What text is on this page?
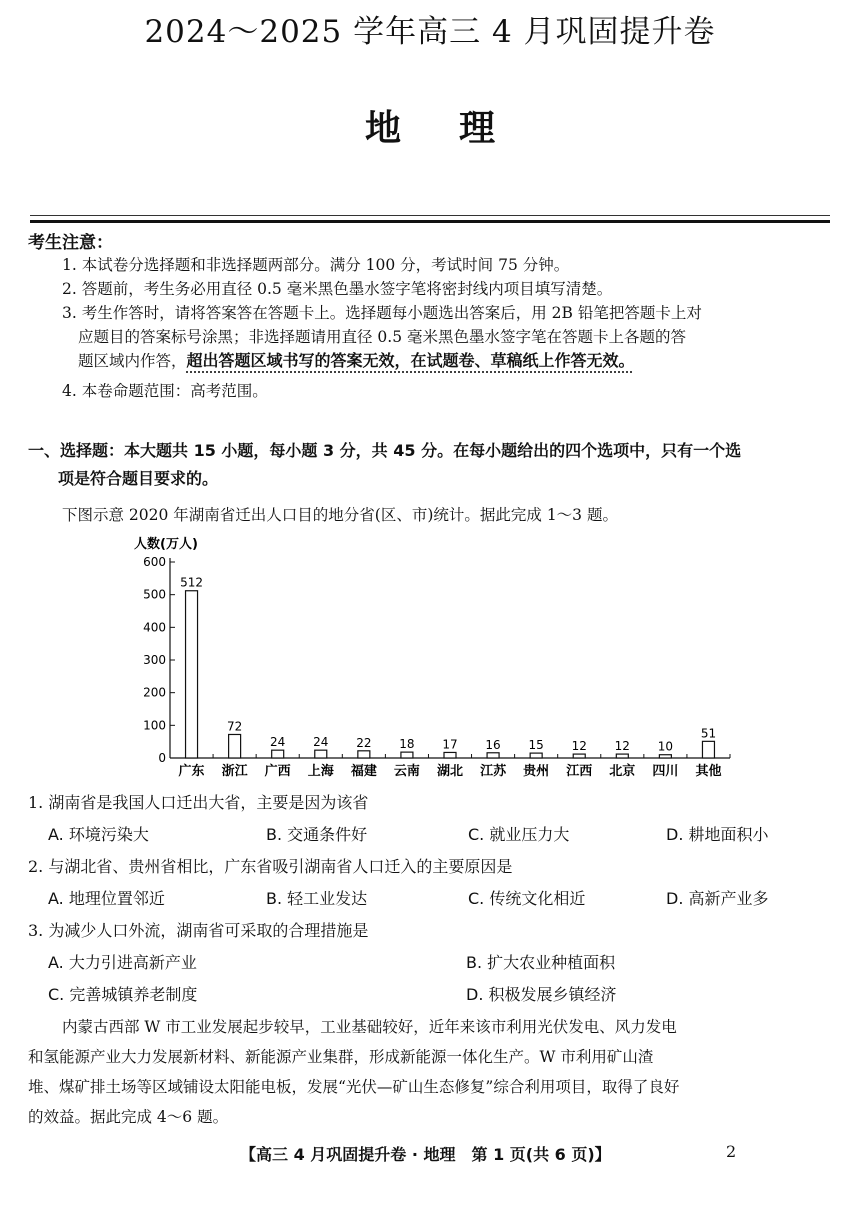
2024～2025 学年高三 4 月巩固提升卷
地理
考生注意：
1. 本试卷分选择题和非选择题两部分。满分 100 分，考试时间 75 分钟。
2. 答题前，考生务必用直径 0.5 毫米黑色墨水签字笔将密封线内项目填写清楚。
3. 考生作答时，请将答案答在答题卡上。选择题每小题选出答案后，用 2B 铅笔把答题卡上对
应题目的答案标号涂黑；非选择题请用直径 0.5 毫米黑色墨水签字笔在答题卡上各题的答
题区域内作答，超出答题区域书写的答案无效，在试题卷、草稿纸上作答无效。
4. 本卷命题范围：高考范围。
一、选择题：本大题共 15 小题，每小题 3 分，共 45 分。在每小题给出的四个选项中，只有一个选
项是符合题目要求的。
下图示意 2020 年湖南省迁出人口目的地分省(区、市)统计。据此完成 1～3 题。
人数(万人)
0
100
200
300
400
500
600
512
72
24 24 22 18 17 16 15 12 12 10
51
广东 浙江 广西 上海 福建 云南 湖北 江苏 贵州 江西 北京 四川 其他
1. 湖南省是我国人口迁出大省，主要是因为该省
A. 环境污染大	B. 交通条件好	C. 就业压力大	D. 耕地面积小
2. 与湖北省、贵州省相比，广东省吸引湖南省人口迁入的主要原因是
A. 地理位置邻近	B. 轻工业发达	C. 传统文化相近	D. 高新产业多
3. 为减少人口外流，湖南省可采取的合理措施是
A. 大力引进高新产业	B. 扩大农业种植面积
C. 完善城镇养老制度	D. 积极发展乡镇经济
内蒙古西部 W 市工业发展起步较早，工业基础较好，近年来该市利用光伏发电、风力发电
和氢能源产业大力发展新材料、新能源产业集群，形成新能源一体化生产。W 市利用矿山渣
堆、煤矿排土场等区域铺设太阳能电板，发展“光伏—矿山生态修复”综合利用项目，取得了良好
的效益。据此完成 4～6 题。
【高三 4 月巩固提升卷 · 地理　第 1 页(共 6 页)】	2
